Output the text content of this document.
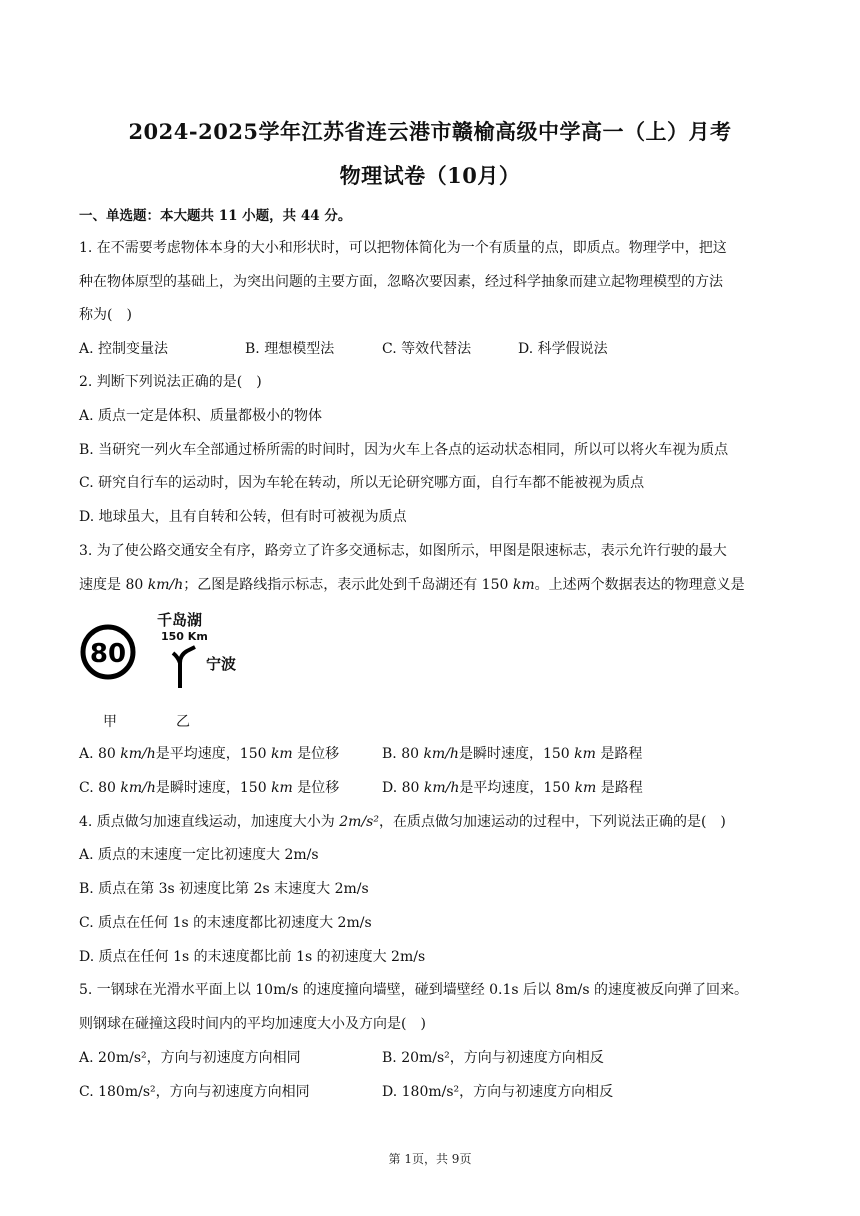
2024-2025学年江苏省连云港市赣榆高级中学高一（上）月考
物理试卷（10月）
一、单选题：本大题共 11 小题，共 44 分。
1. 在不需要考虑物体本身的大小和形状时，可以把物体简化为一个有质量的点，即质点。物理学中，把这
种在物体原型的基础上，为突出问题的主要方面，忽略次要因素，经过科学抽象而建立起物理模型的方法
称为(　)
A. 控制变量法	B. 理想模型法	C. 等效代替法	D. 科学假说法
2. 判断下列说法正确的是(　)
A. 质点一定是体积、质量都极小的物体
B. 当研究一列火车全部通过桥所需的时间时，因为火车上各点的运动状态相同，所以可以将火车视为质点
C. 研究自行车的运动时，因为车轮在转动，所以无论研究哪方面，自行车都不能被视为质点
D. 地球虽大，且有自转和公转，但有时可被视为质点
3. 为了使公路交通安全有序，路旁立了许多交通标志，如图所示，甲图是限速标志，表示允许行驶的最大
速度是 80 km/h；乙图是路线指示标志，表示此处到千岛湖还有 150 km。上述两个数据表达的物理意义是
80
千岛湖
150 Km
宁波
甲	乙
A. 80 km/h是平均速度，150 km 是位移	B. 80 km/h是瞬时速度，150 km 是路程
C. 80 km/h是瞬时速度，150 km 是位移	D. 80 km/h是平均速度，150 km 是路程
4. 质点做匀加速直线运动，加速度大小为 2m/s²，在质点做匀加速运动的过程中，下列说法正确的是(　)
A. 质点的末速度一定比初速度大 2m/s
B. 质点在第 3s 初速度比第 2s 末速度大 2m/s
C. 质点在任何 1s 的末速度都比初速度大 2m/s
D. 质点在任何 1s 的末速度都比前 1s 的初速度大 2m/s
5. 一钢球在光滑水平面上以 10m/s 的速度撞向墙壁，碰到墙壁经 0.1s 后以 8m/s 的速度被反向弹了回来。
则钢球在碰撞这段时间内的平均加速度大小及方向是(　)
A. 20m/s²，方向与初速度方向相同	B. 20m/s²，方向与初速度方向相反
C. 180m/s²，方向与初速度方向相同	D. 180m/s²，方向与初速度方向相反
第 1页，共 9页
